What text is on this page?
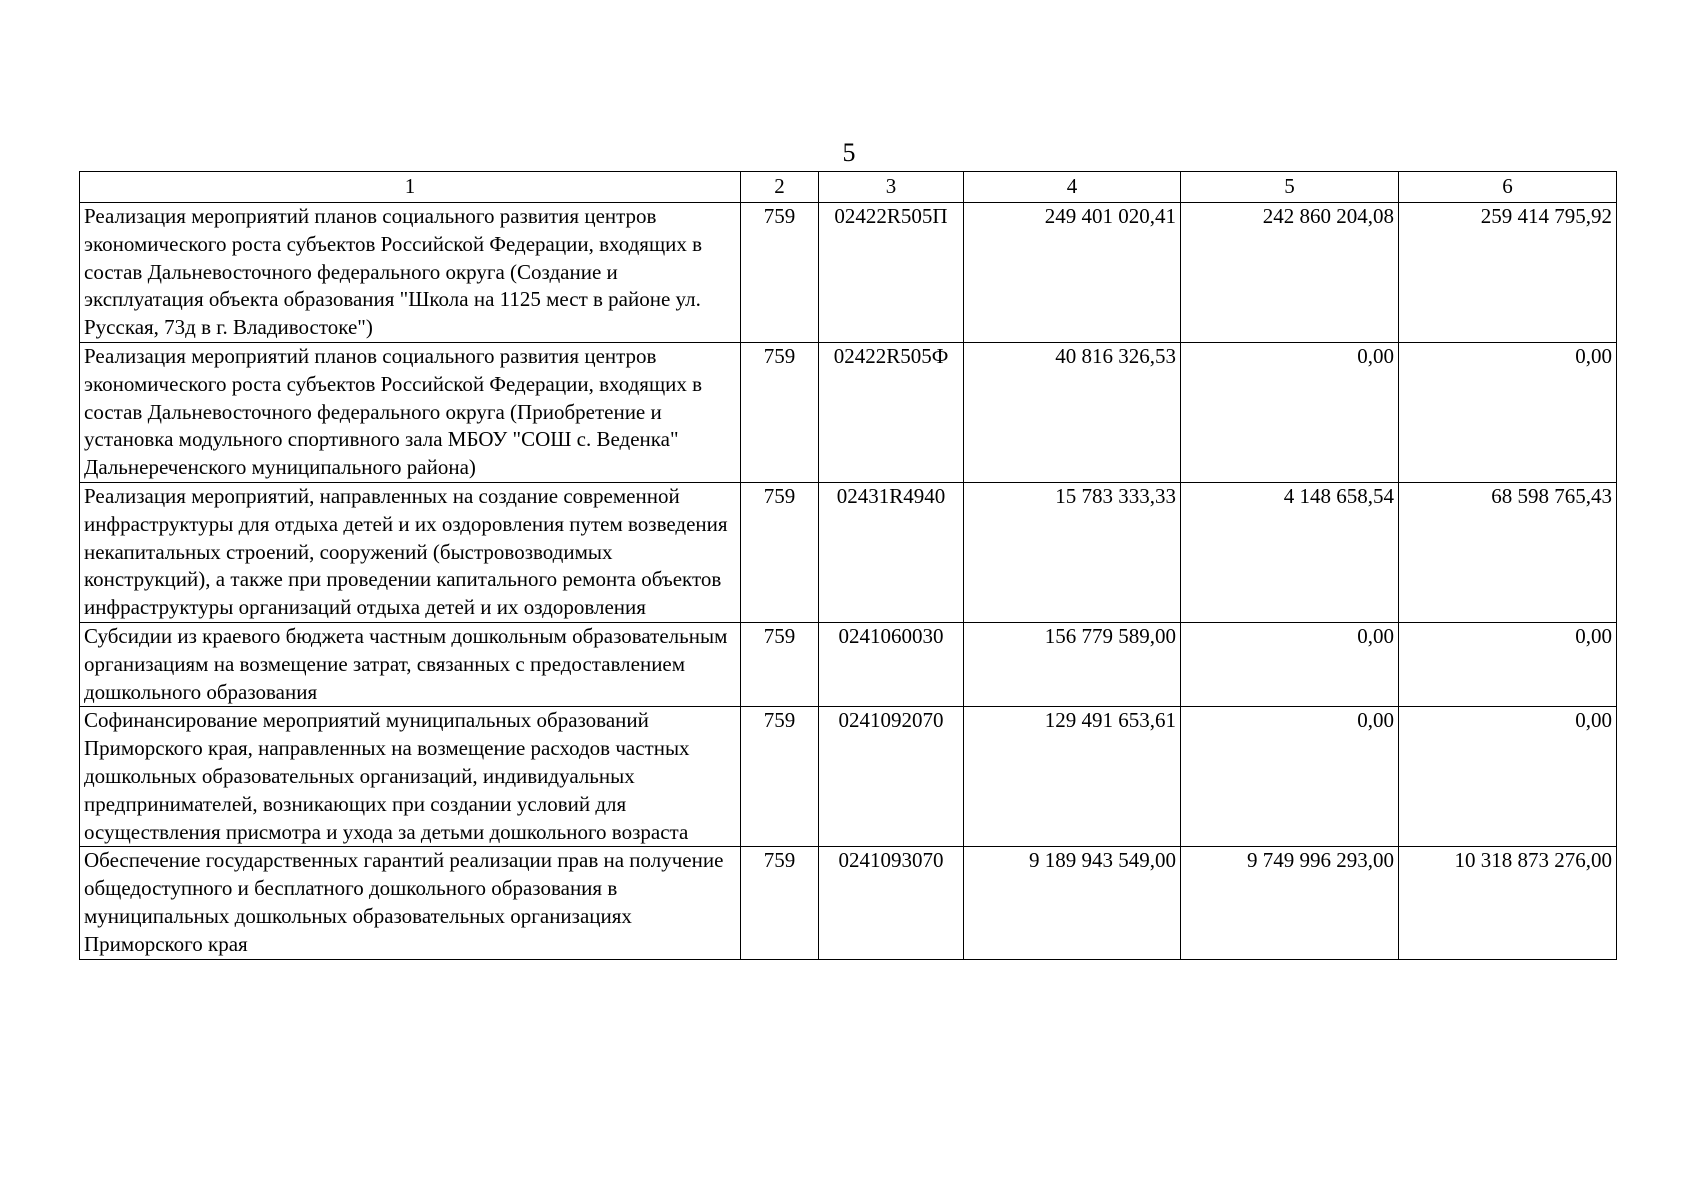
5
1	2	3	4	5	6
Реализация мероприятий планов социального развития центров экономического роста субъектов Российской Федерации, входящих в состав Дальневосточного федерального округа (Создание и эксплуатация объекта образования "Школа на 1125 мест в районе ул. Русская, 73д в г. Владивостоке")	759	02422R505П	249 401 020,41	242 860 204,08	259 414 795,92
Реализация мероприятий планов социального развития центров экономического роста субъектов Российской Федерации, входящих в состав Дальневосточного федерального округа (Приобретение и установка модульного спортивного зала МБОУ "СОШ с. Веденка" Дальнереченского муниципального района)	759	02422R505Ф	40 816 326,53	0,00	0,00
Реализация мероприятий, направленных на создание современной инфраструктуры для отдыха детей и их оздоровления путем возведения некапитальных строений, сооружений (быстровозводимых конструкций), а также при проведении капитального ремонта объектов инфраструктуры организаций отдыха детей и их оздоровления	759	02431R4940	15 783 333,33	4 148 658,54	68 598 765,43
Субсидии из краевого бюджета частным дошкольным образовательным организациям на возмещение затрат, связанных с предоставлением дошкольного образования	759	0241060030	156 779 589,00	0,00	0,00
Софинансирование мероприятий муниципальных образований Приморского края, направленных на возмещение расходов частных дошкольных образовательных организаций, индивидуальных предпринимателей, возникающих при создании условий для осуществления присмотра и ухода за детьми дошкольного возраста	759	0241092070	129 491 653,61	0,00	0,00
Обеспечение государственных гарантий реализации прав на получение общедоступного и бесплатного дошкольного образования в муниципальных дошкольных образовательных организациях Приморского края	759	0241093070	9 189 943 549,00	9 749 996 293,00	10 318 873 276,00
